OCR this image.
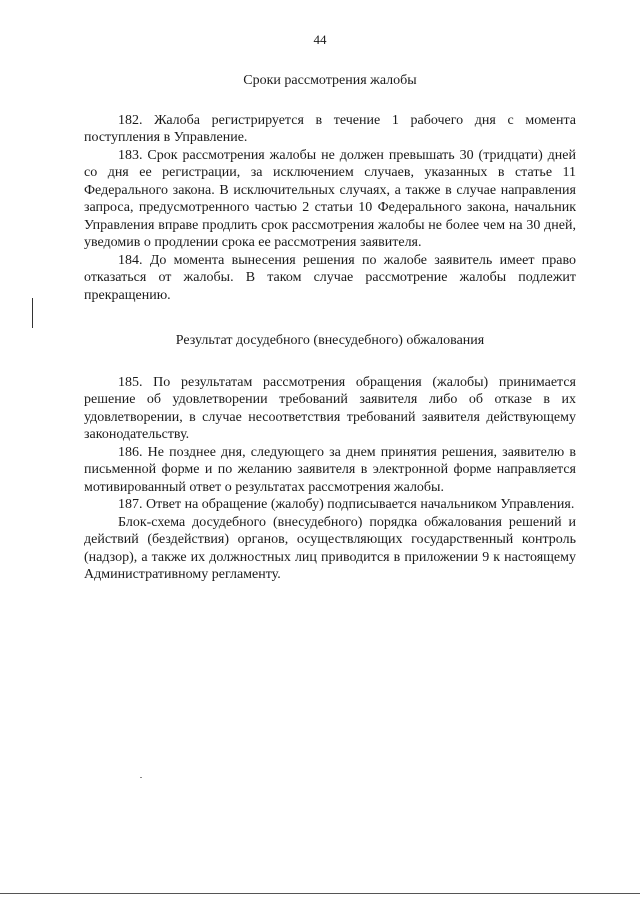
44
Сроки рассмотрения жалобы

182. Жалоба регистрируется в течение 1 рабочего дня с момента поступления в Управление.

183. Срок рассмотрения жалобы не должен превышать 30 (тридцати) дней со дня ее регистрации, за исключением случаев, указанных в статье 11 Федерального закона. В исключительных случаях, а также в случае направления запроса, предусмотренного частью 2 статьи 10 Федерального закона, начальник Управления вправе продлить срок рассмотрения жалобы не более чем на 30 дней, уведомив о продлении срока ее рассмотрения заявителя.

184. До момента вынесения решения по жалобе заявитель имеет право отказаться от жалобы. В таком случае рассмотрение жалобы подлежит прекращению.

Результат досудебного (внесудебного) обжалования

185. По результатам рассмотрения обращения (жалобы) принимается решение об удовлетворении требований заявителя либо об отказе в их удовлетворении, в случае несоответствия требований заявителя действующему законодательству.

186. Не позднее дня, следующего за днем принятия решения, заявителю в письменной форме и по желанию заявителя в электронной форме направляется мотивированный ответ о результатах рассмотрения жалобы.

187. Ответ на обращение (жалобу) подписывается начальником Управления.

Блок-схема досудебного (внесудебного) порядка обжалования решений и действий (бездействия) органов, осуществляющих государственный контроль (надзор), а также их должностных лиц приводится в приложении 9 к настоящему Административному регламенту.
